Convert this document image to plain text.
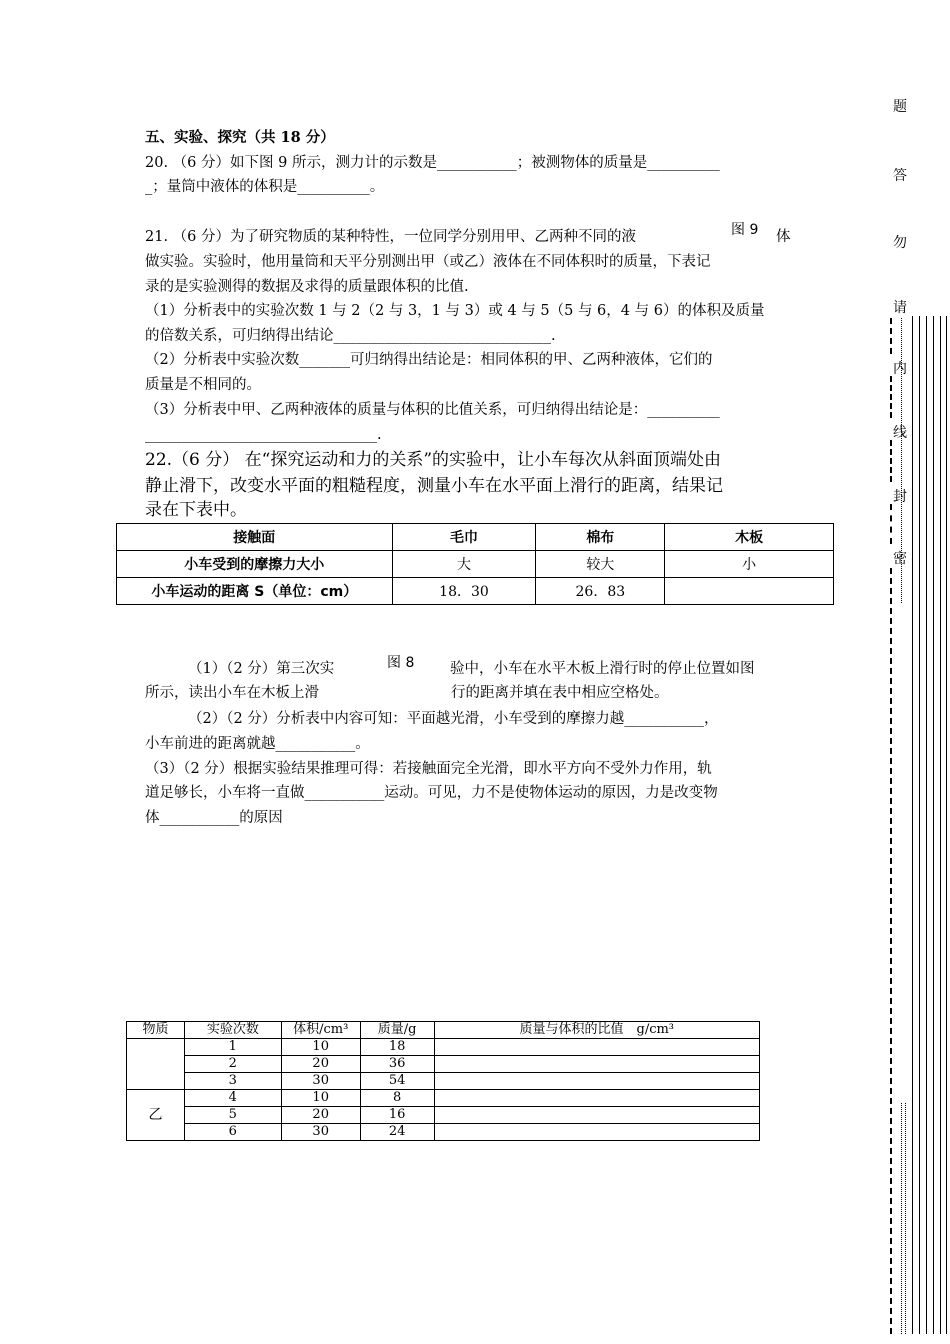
五、实验、探究（共 18 分）
20. （6 分）如下图 9 所示，测力计的示数是___________；被测物体的质量是__________
_；量筒中液体的体积是__________。
21. （6 分）为了研究物质的某种特性，一位同学分别用甲、乙两种不同的液	图 9 体
做实验。实验时，他用量筒和天平分别测出甲（或乙）液体在不同体积时的质量，下表记
录的是实验测得的数据及求得的质量跟体积的比值.
（1）分析表中的实验次数 1 与 2（2 与 3，1 与 3）或 4 与 5（5 与 6，4 与 6）的体积及质量
的倍数关系，可归纳得出结论______________________________.
（2）分析表中实验次数_______可归纳得出结论是：相同体积的甲、乙两种液体，它们的
质量是不相同的。
（3）分析表中甲、乙两种液体的质量与体积的比值关系，可归纳得出结论是：__________
________________________________.
22.（6 分） 在“探究运动和力的关系”的实验中，让小车每次从斜面顶端处由
静止滑下，改变水平面的粗糙程度，测量小车在水平面上滑行的距离，结果记
录在下表中。
接触面	毛巾	棉布	木板
小车受到的摩擦力大小	大	较大	小
小车运动的距离 S（单位：cm）	18．30	26．83	
（1）（2 分）第三次实	图 8 验中，小车在水平木板上滑行时的停止位置如图
所示，读出小车在木板上滑	行的距离并填在表中相应空格处。
（2）（2 分）分析表中内容可知：平面越光滑，小车受到的摩擦力越___________，
小车前进的距离就越___________。
（3）（2 分）根据实验结果推理可得：若接触面完全光滑，即水平方向不受外力作用，轨
道足够长，小车将一直做___________运动。可见，力不是使物体运动的原因，力是改变物
体___________的原因
物质	实验次数	体积/cm³	质量/g	质量与体积的比值　g/cm³
	1	10	18	
	2	20	36	
	3	30	54	
乙	4	10	8	
	5	20	16	
	6	30	24	
题
答
勿
请
内
线
封
密
